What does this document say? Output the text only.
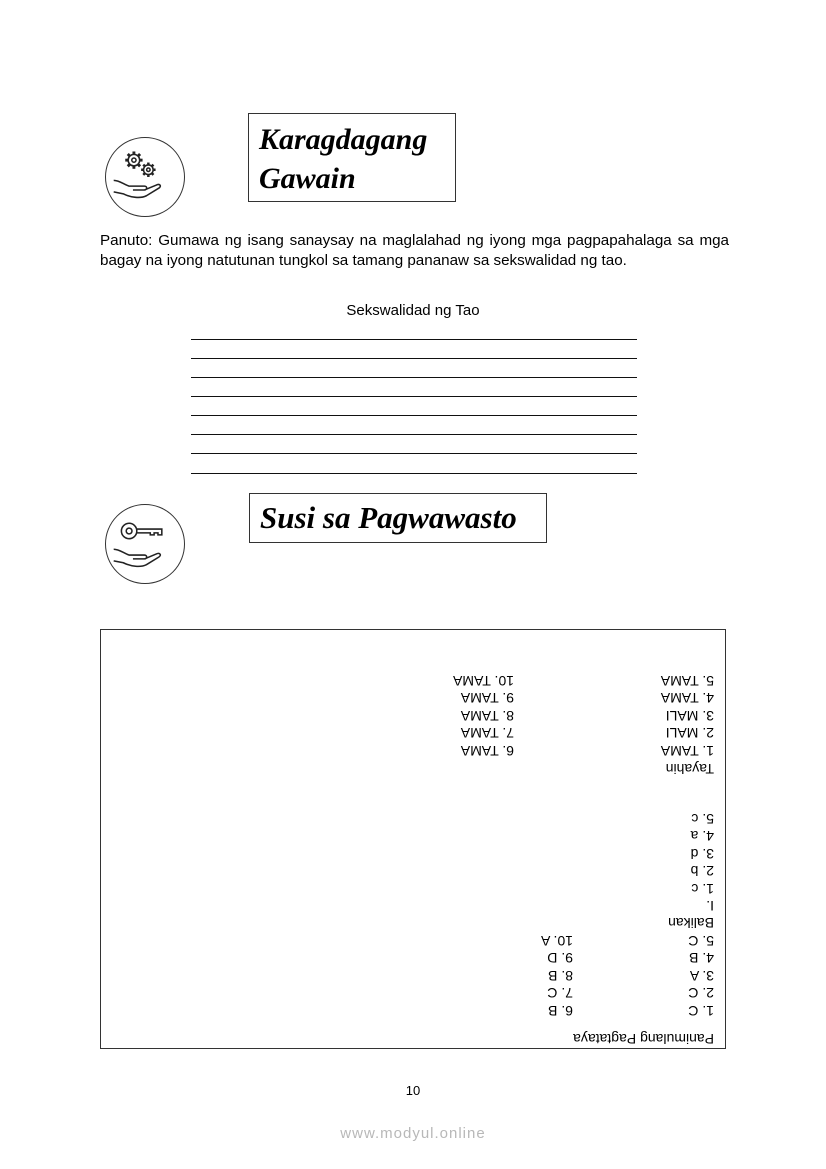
Karagdagang
Gawain
Panuto: Gumawa ng isang sanaysay na maglalahad ng iyong mga pagpapahalaga sa mga bagay na iyong natutunan tungkol sa tamang pananaw sa sekswalidad ng tao.
Sekswalidad ng Tao
Susi sa Pagwawasto
Panimulang Pagtataya
1. C
2. C
3. A
4. B
5. C
6. B
7. C
8. B
9. D
10. A
Balikan
I.
1. c
2. b
3. d
4. a
5. c
Tayahin
1. TAMA
2. MALI
3. MALI
4. TAMA
5. TAMA
6. TAMA
7. TAMA
8. TAMA
9. TAMA
10. TAMA
10
www.modyul.online
